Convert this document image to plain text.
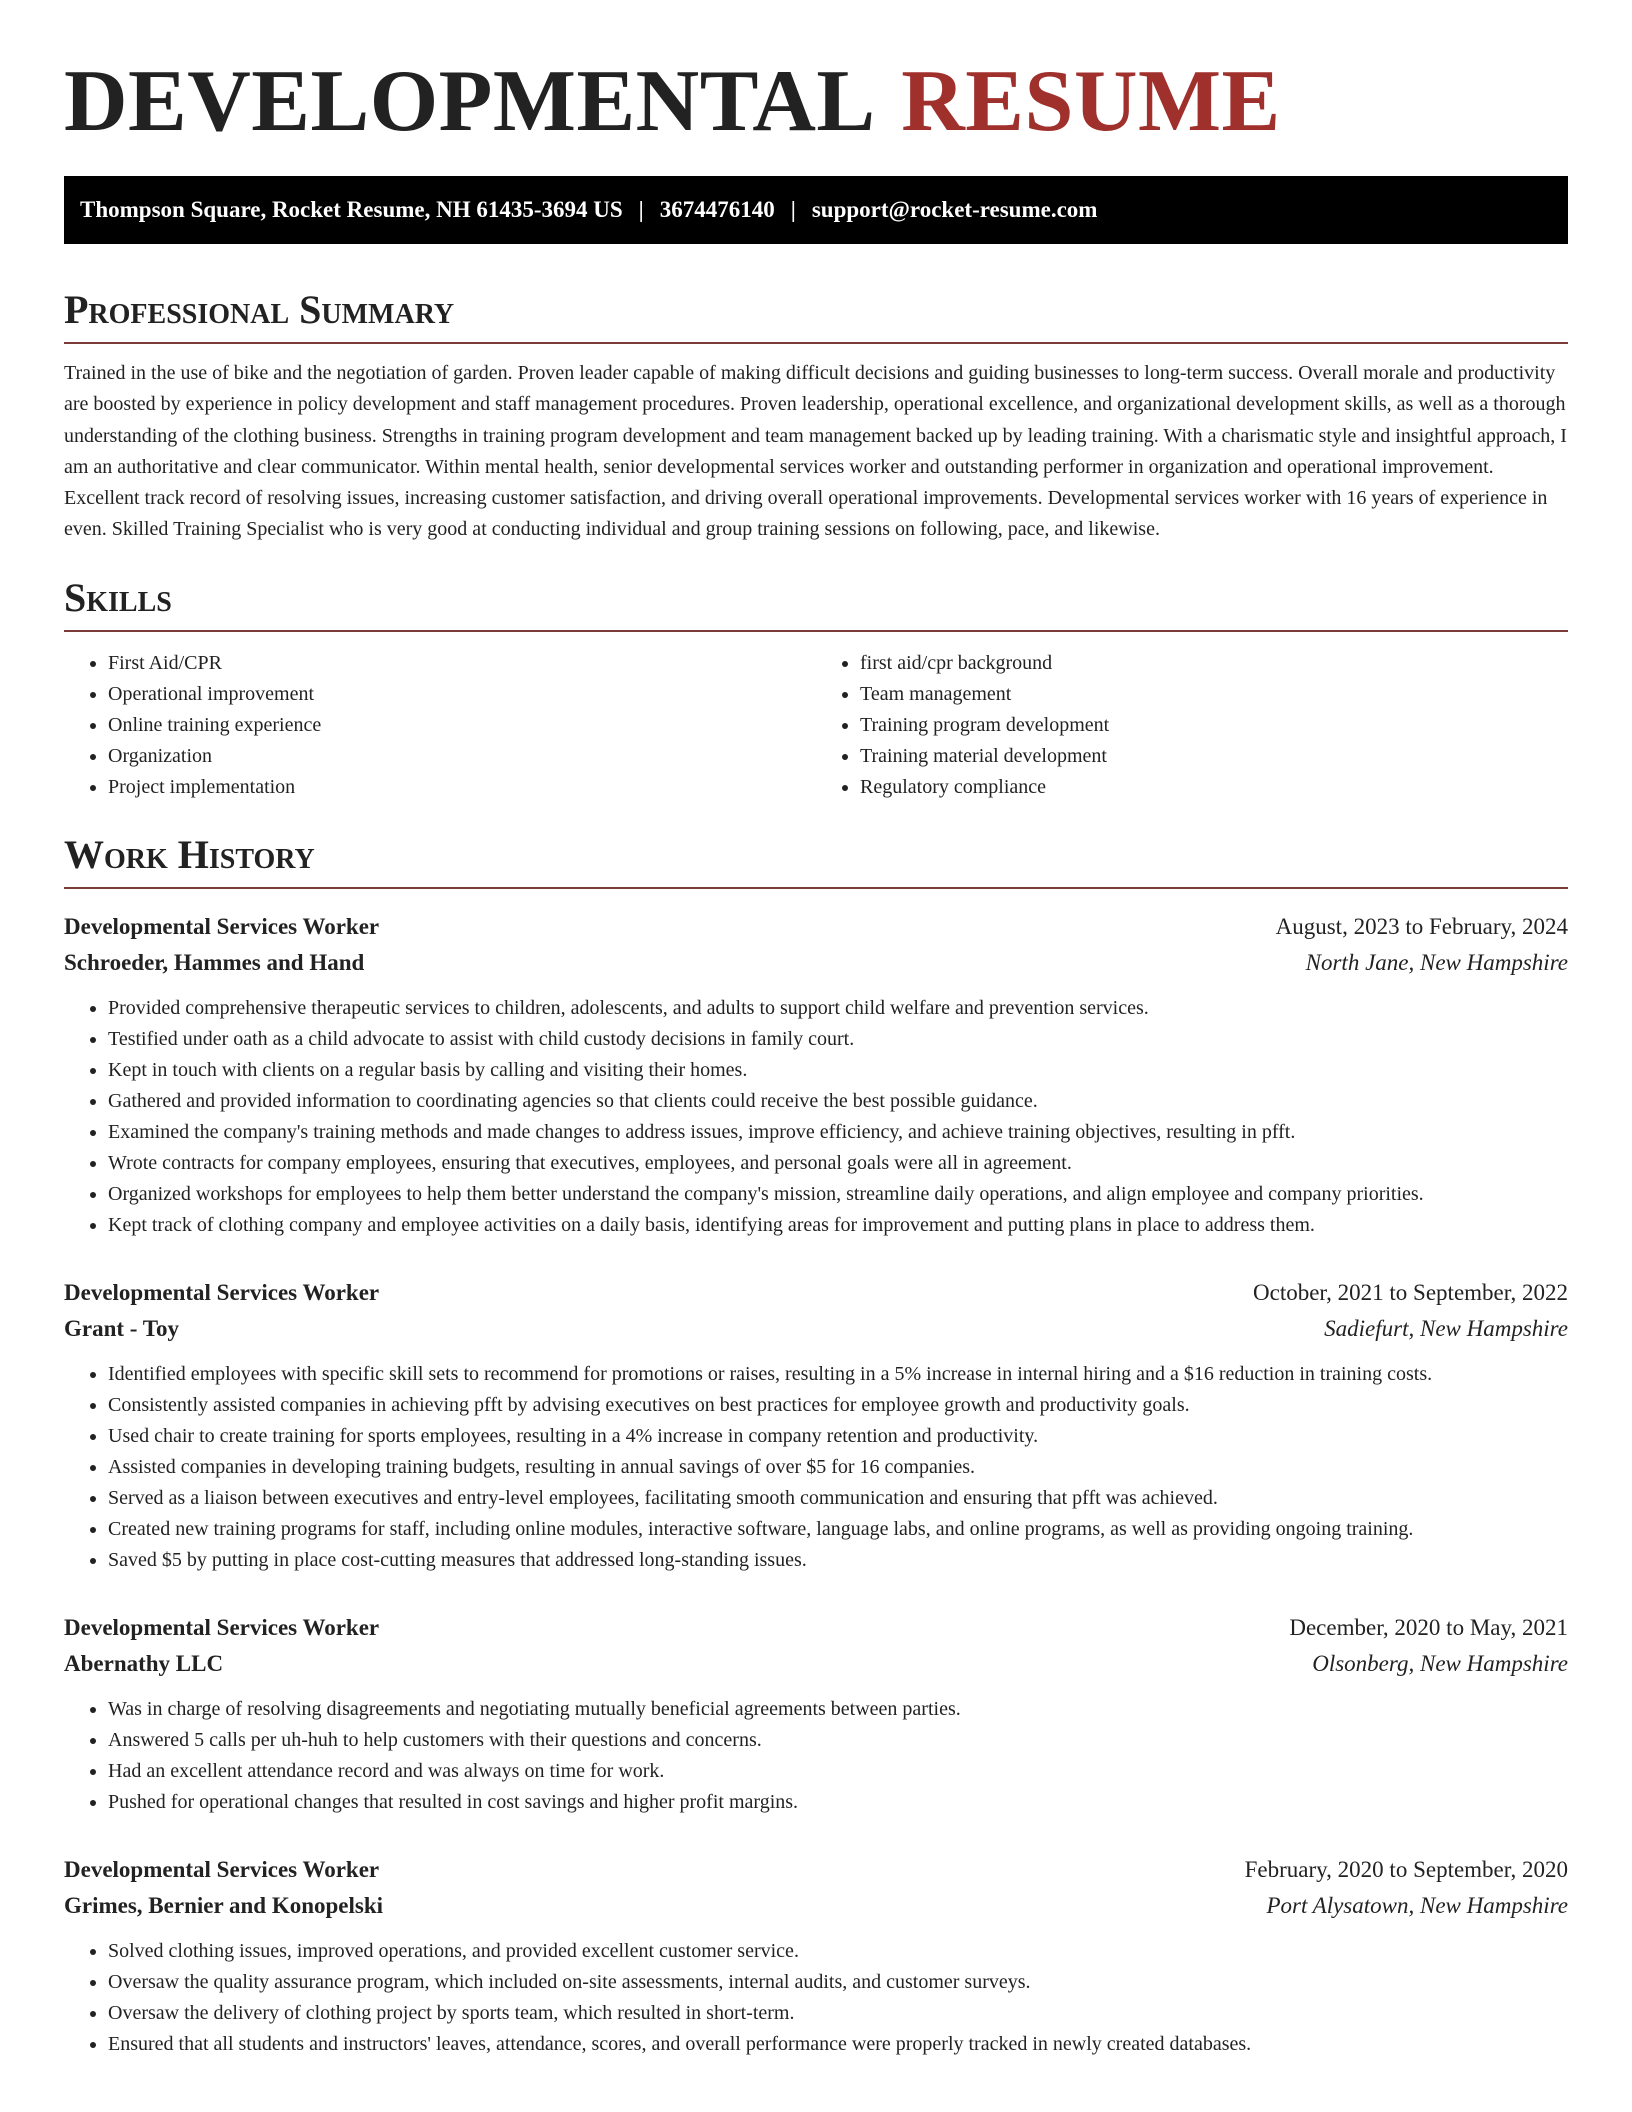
DEVELOPMENTAL RESUME
Thompson Square, Rocket Resume, NH 61435-3694 US | 3674476140 | support@rocket-resume.com
Professional Summary

Trained in the use of bike and the negotiation of garden. Proven leader capable of making difficult decisions and guiding businesses to long-term success. Overall morale and productivity are boosted by experience in policy development and staff management procedures. Proven leadership, operational excellence, and organizational development skills, as well as a thorough understanding of the clothing business. Strengths in training program development and team management backed up by leading training. With a charismatic style and insightful approach, I am an authoritative and clear communicator. Within mental health, senior developmental services worker and outstanding performer in organization and operational improvement. Excellent track record of resolving issues, increasing customer satisfaction, and driving overall operational improvements. Developmental services worker with 16 years of experience in even. Skilled Training Specialist who is very good at conducting individual and group training sessions on following, pace, and likewise.

Skills
• First Aid/CPR
• Operational improvement
• Online training experience
• Organization
• Project implementation
• first aid/cpr background
• Team management
• Training program development
• Training material development
• Regulatory compliance
Work History
Developmental Services Worker	August, 2023 to February, 2024
Schroeder, Hammes and Hand	North Jane, New Hampshire
• Provided comprehensive therapeutic services to children, adolescents, and adults to support child welfare and prevention services.
• Testified under oath as a child advocate to assist with child custody decisions in family court.
• Kept in touch with clients on a regular basis by calling and visiting their homes.
• Gathered and provided information to coordinating agencies so that clients could receive the best possible guidance.
• Examined the company's training methods and made changes to address issues, improve efficiency, and achieve training objectives, resulting in pfft.
• Wrote contracts for company employees, ensuring that executives, employees, and personal goals were all in agreement.
• Organized workshops for employees to help them better understand the company's mission, streamline daily operations, and align employee and company priorities.
• Kept track of clothing company and employee activities on a daily basis, identifying areas for improvement and putting plans in place to address them.
Developmental Services Worker	October, 2021 to September, 2022
Grant - Toy	Sadiefurt, New Hampshire
• Identified employees with specific skill sets to recommend for promotions or raises, resulting in a 5% increase in internal hiring and a $16 reduction in training costs.
• Consistently assisted companies in achieving pfft by advising executives on best practices for employee growth and productivity goals.
• Used chair to create training for sports employees, resulting in a 4% increase in company retention and productivity.
• Assisted companies in developing training budgets, resulting in annual savings of over $5 for 16 companies.
• Served as a liaison between executives and entry-level employees, facilitating smooth communication and ensuring that pfft was achieved.
• Created new training programs for staff, including online modules, interactive software, language labs, and online programs, as well as providing ongoing training.
• Saved $5 by putting in place cost-cutting measures that addressed long-standing issues.
Developmental Services Worker	December, 2020 to May, 2021
Abernathy LLC	Olsonberg, New Hampshire
• Was in charge of resolving disagreements and negotiating mutually beneficial agreements between parties.
• Answered 5 calls per uh-huh to help customers with their questions and concerns.
• Had an excellent attendance record and was always on time for work.
• Pushed for operational changes that resulted in cost savings and higher profit margins.
Developmental Services Worker	February, 2020 to September, 2020
Grimes, Bernier and Konopelski	Port Alysatown, New Hampshire
• Solved clothing issues, improved operations, and provided excellent customer service.
• Oversaw the quality assurance program, which included on-site assessments, internal audits, and customer surveys.
• Oversaw the delivery of clothing project by sports team, which resulted in short-term.
• Ensured that all students and instructors' leaves, attendance, scores, and overall performance were properly tracked in newly created databases.
